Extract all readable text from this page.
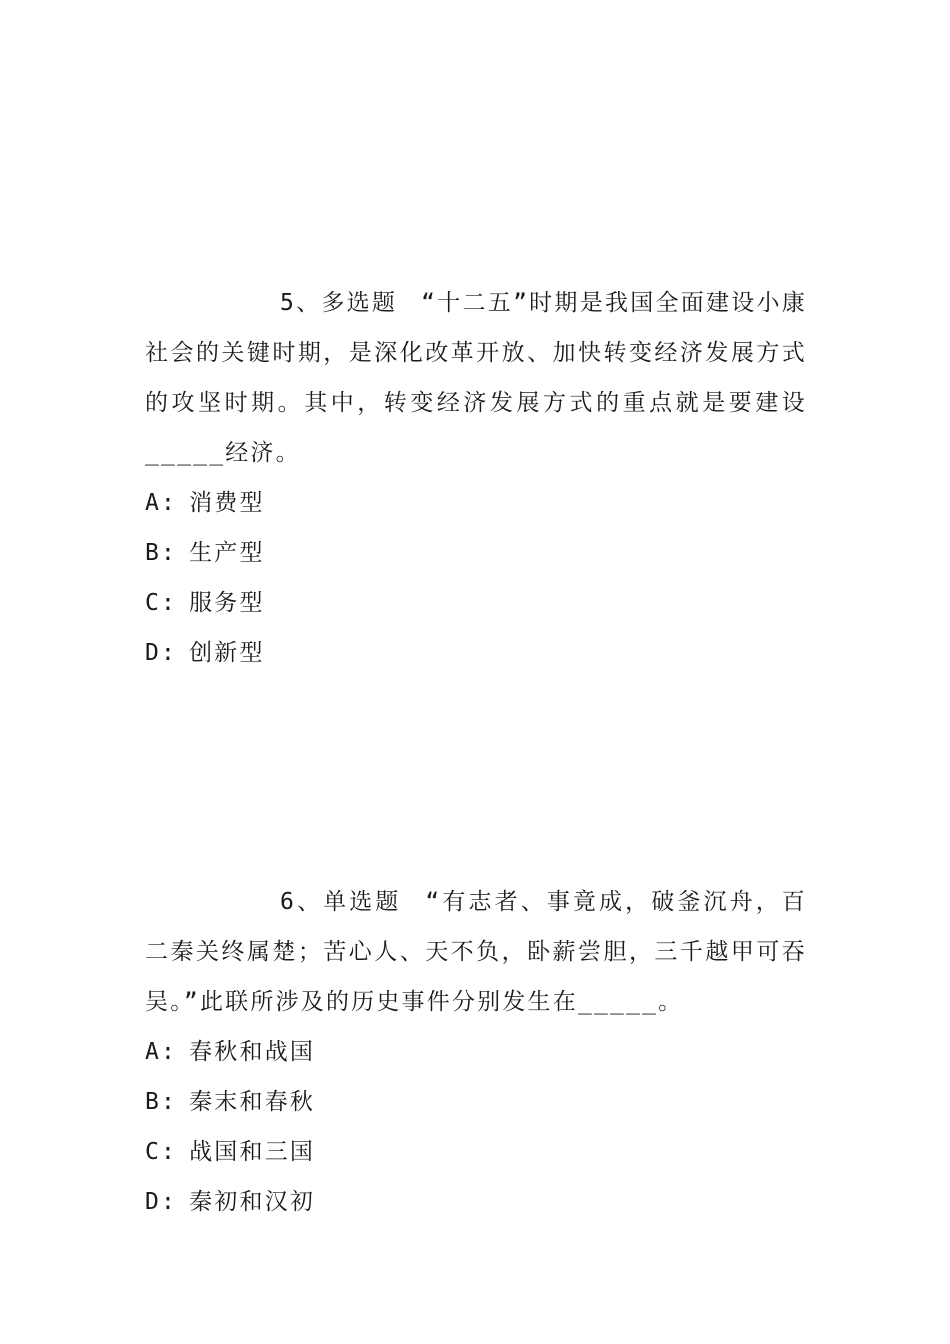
5、多选题 “十二五”时期是我国全面建设小康社会的关键时期，是深化改革开放、加快转变经济发展方式的攻坚时期。其中，转变经济发展方式的重点就是要建设_____经济。

A: 消费型
B: 生产型
C: 服务型
D: 创新型

6、单选题 “有志者、事竟成，破釜沉舟，百二秦关终属楚；苦心人、天不负，卧薪尝胆，三千越甲可吞吴。”此联所涉及的历史事件分别发生在_____。

A: 春秋和战国
B: 秦末和春秋
C: 战国和三国
D: 秦初和汉初
